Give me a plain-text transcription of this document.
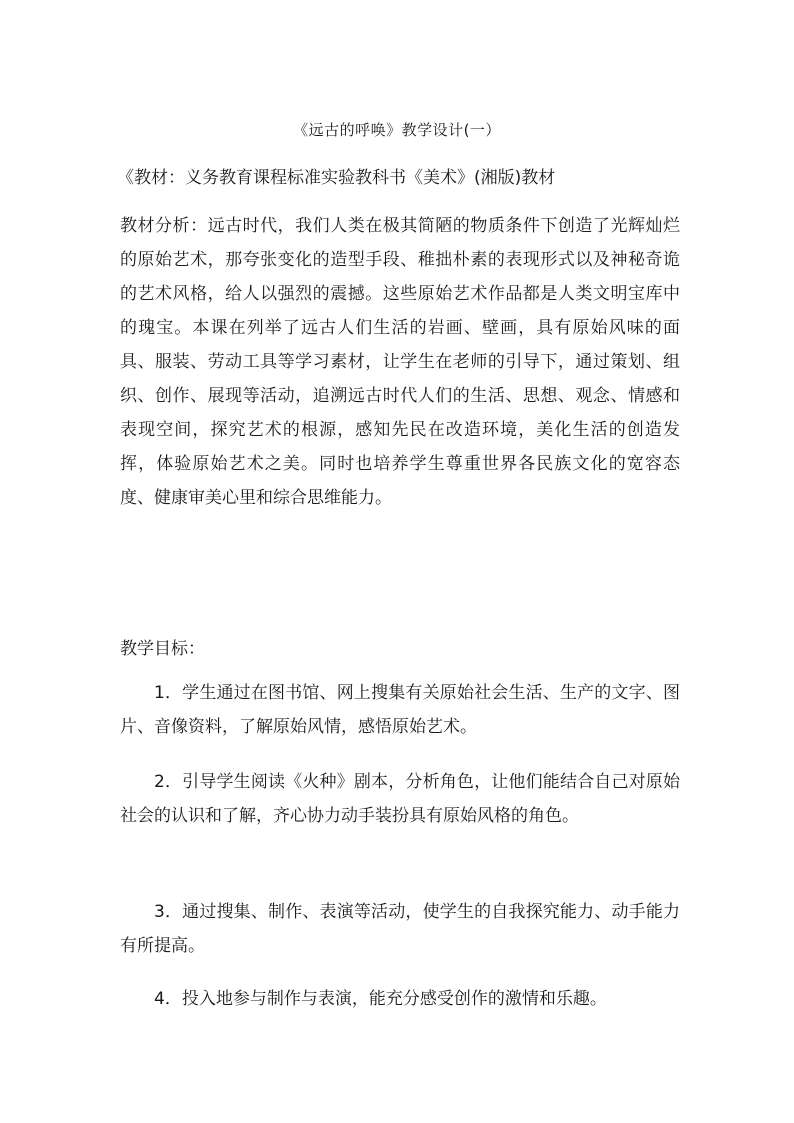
《远古的呼唤》教学设计(一）
《教材：义务教育课程标准实验教科书《美术》(湘版)教材
教材分析：远古时代，我们人类在极其简陋的物质条件下创造了光辉灿烂的原始艺术，那夸张变化的造型手段、稚拙朴素的表现形式以及神秘奇诡的艺术风格，给人以强烈的震撼。这些原始艺术作品都是人类文明宝库中的瑰宝。本课在列举了远古人们生活的岩画、壁画，具有原始风味的面具、服装、劳动工具等学习素材，让学生在老师的引导下，通过策划、组织、创作、展现等活动，追溯远古时代人们的生活、思想、观念、情感和表现空间，探究艺术的根源，感知先民在改造环境，美化生活的创造发挥，体验原始艺术之美。同时也培养学生尊重世界各民族文化的宽容态度、健康审美心里和综合思维能力。
教学目标：
1．学生通过在图书馆、网上搜集有关原始社会生活、生产的文字、图片、音像资料，了解原始风情，感悟原始艺术。
2．引导学生阅读《火种》剧本，分析角色，让他们能结合自己对原始社会的认识和了解，齐心协力动手装扮具有原始风格的角色。
3．通过搜集、制作、表演等活动，使学生的自我探究能力、动手能力有所提高。
4．投入地参与制作与表演，能充分感受创作的激情和乐趣。
